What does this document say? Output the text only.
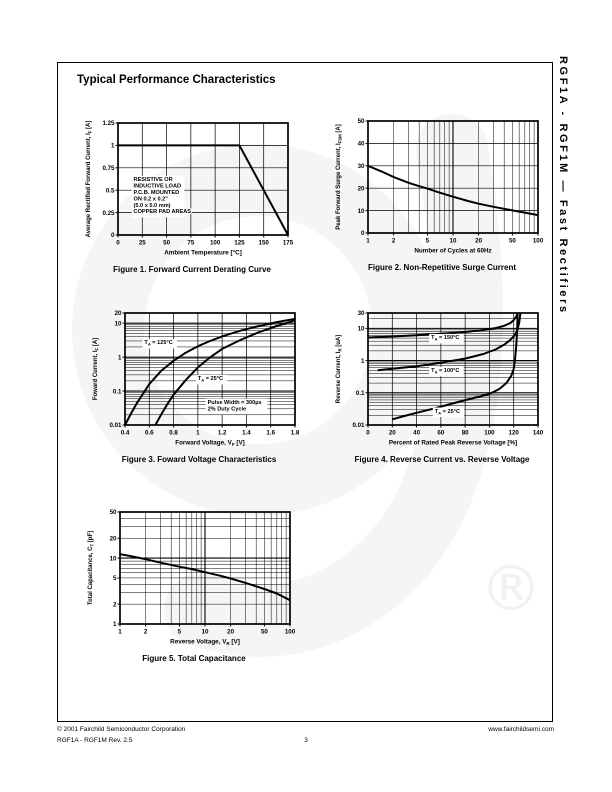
®
Typical Performance Characteristics	RGF1A - RGF1M — Fast Rectifiers
RESISTIVE OR
INDUCTIVE LOAD
P.C.B. MOUNTED
ON 0.2 x 0.2"
(5.0 x 5.0 mm)
COPPER PAD AREAS
0	25	50	75	100 125 150 175
0
0.25
0.5
0.75
1
1.25
Ambient Temperature [°C]
Average Rectified Forward Current, $I_F$ [A]
Figure 1. Forward Current Derating Curve
1	2	5	10	20	50	100
0
10
20
30
40
50
Number of Cycles at 60Hz
Peak Forward Surge Current, $I_{FSM}$ [A]
Figure 2. Non-Repetitive Surge Current
$T_A = 125^\circ C$
$T_A = 25^\circ C$
Pulse Width = 300µs
2% Duty Cycle
0.4	0.6	0.8	1	1.2	1.4	1.6	1.8
0.01
0.1
1
10
20
Forward Voltage, $V_F$ [V]
Foward Current, $I_F$ [A]
Figure 3. Foward Voltage Characteristics
$T_A = 150^\circ C$
$T_A = 100^\circ C$
$T_A = 25^\circ C$
0	20	40	60	80	100 120 140
0.01
0.1
1
10
30
Percent of Rated Peak Reverse Voltage [%]
Reverse Current, $I_R$ [uA]
Figure 4. Reverse Current vs. Reverse Voltage
1	2	5	10	20	50	100
1
2
5
10
20
50
Reverse Voltage, $V_R$ [V]
Total Capacitance, $C_T$ [pF]
Figure 5. Total Capacitance
© 2001 Fairchild Semiconductor Corporation	www.fairchildsemi.com
RGF1A - RGF1M Rev. 2.5	3
